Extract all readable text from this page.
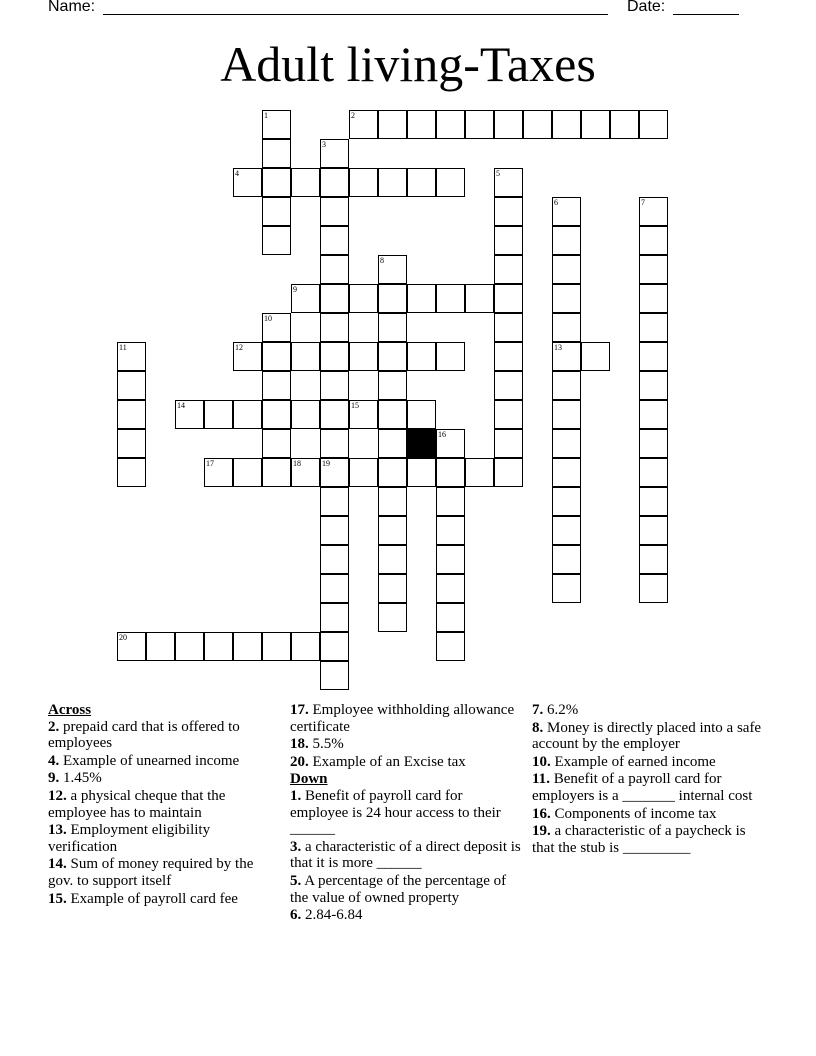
Name:	Date:
Adult living-Taxes
2
4
9
12	13
14	15
17	18	19
20
1
3
5
6	7
8
10
11
16
Across
2. prepaid card that is offered to employees
4. Example of unearned income
9. 1.45%
12. a physical cheque that the employee has to maintain
13. Employment eligibility verification
14. Sum of money required by the gov. to support itself
15. Example of payroll card fee
17. Employee withholding allowance certificate
18. 5.5%
20. Example of an Excise tax
Down
1. Benefit of payroll card for employee is 24 hour access to their ______
3. a characteristic of a direct deposit is that it is more ______
5. A percentage of the percentage of the value of owned property
6. 2.84-6.84
7. 6.2%
8. Money is directly placed into a safe account by the employer
10. Example of earned income
11. Benefit of a payroll card for employers is a _______ internal cost
16. Components of income tax
19. a characteristic of a paycheck is that the stub is _________
